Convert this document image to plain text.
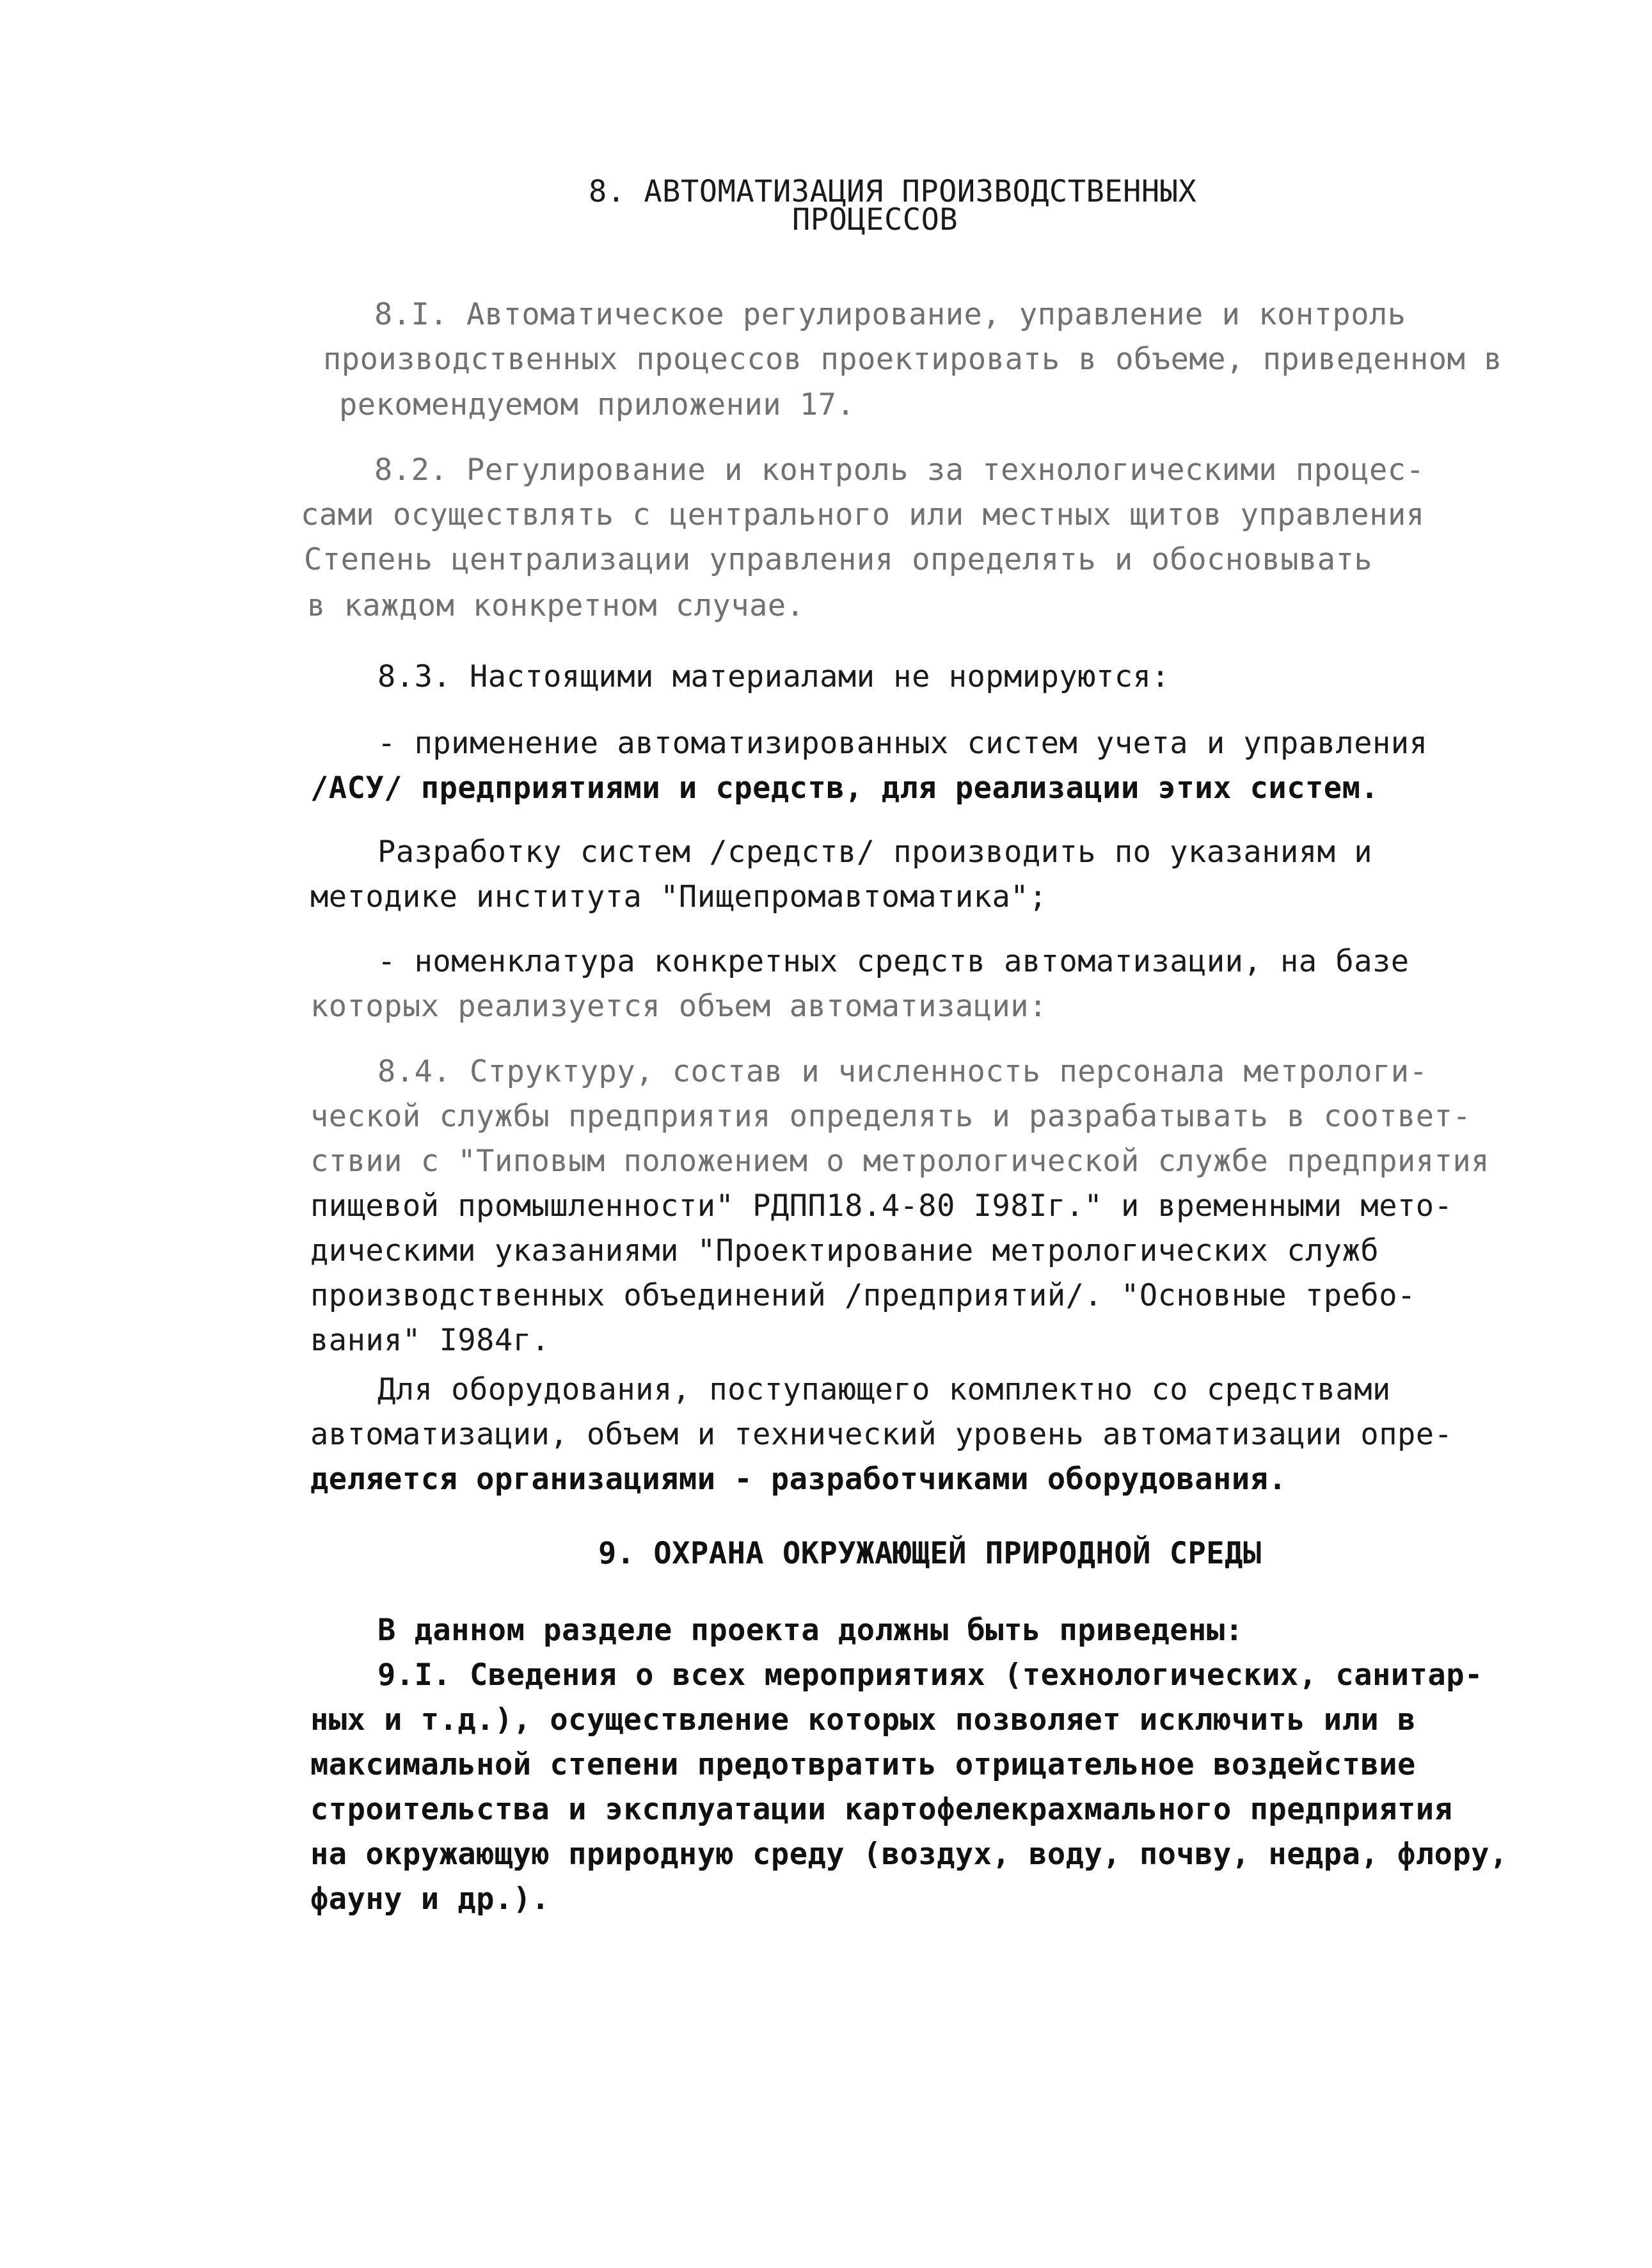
8. АВТОМАТИЗАЦИЯ ПРОИЗВОДСТВЕННЫХ
ПРОЦЕССОВ
8.I. Автоматическое регулирование, управление и контроль
производственных процессов проектировать в объеме, приведенном в
рекомендуемом приложении 17.
8.2. Регулирование и контроль за технологическими процес-
сами осуществлять с центрального или местных щитов управления
Степень централизации управления определять и обосновывать
в каждом конкретном случае.
8.3. Настоящими материалами не нормируются:
- применение автоматизированных систем учета и управления
/АСУ/ предприятиями и средств, для реализации этих систем.
Разработку систем /средств/ производить по указаниям и
методике института "Пищепромавтоматика";
- номенклатура конкретных средств автоматизации, на базе
которых реализуется объем автоматизации:
8.4. Структуру, состав и численность персонала метрологи-
ческой службы предприятия определять и разрабатывать в соответ-
ствии с "Типовым положением о метрологической службе предприятия
пищевой промышленности" РДПП18.4-80 I98Iг." и временными мето-
дическими указаниями "Проектирование метрологических служб
производственных объединений /предприятий/. "Основные требо-
вания" I984г.
Для оборудования, поступающего комплектно со средствами
автоматизации, объем и технический уровень автоматизации опре-
деляется организациями - разработчиками оборудования.
9. ОХРАНА ОКРУЖАЮЩЕЙ ПРИРОДНОЙ СРЕДЫ
В данном разделе проекта должны быть приведены:
9.I. Сведения о всех мероприятиях (технологических, санитар-
ных и т.д.), осуществление которых позволяет исключить или в
максимальной степени предотвратить отрицательное воздействие
строительства и эксплуатации картофелекрахмального предприятия
на окружающую природную среду (воздух, воду, почву, недра, флору,
фауну и др.).
